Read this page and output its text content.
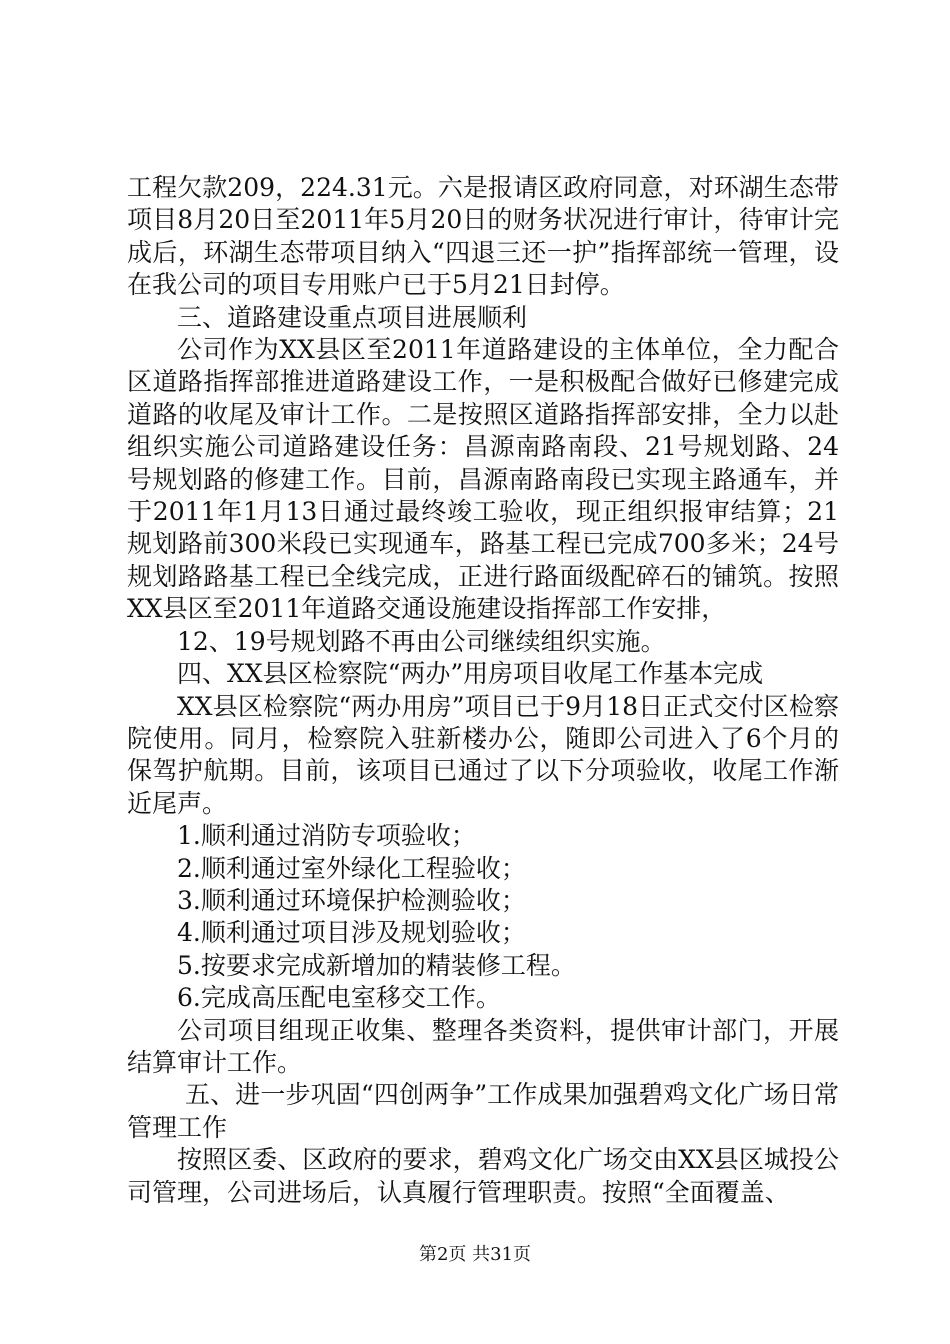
工程欠款209，224.31元。六是报请区政府同意，对环湖生态带项目8月20日至2011年5月20日的财务状况进行审计，待审计完成后，环湖生态带项目纳入“四退三还一护”指挥部统一管理，设在我公司的项目专用账户已于5月21日封停。

三、道路建设重点项目进展顺利

公司作为XX县区至2011年道路建设的主体单位，全力配合区道路指挥部推进道路建设工作，一是积极配合做好已修建完成道路的收尾及审计工作。二是按照区道路指挥部安排，全力以赴组织实施公司道路建设任务：昌源南路南段、21号规划路、24号规划路的修建工作。目前，昌源南路南段已实现主路通车，并于2011年1月13日通过最终竣工验收，现正组织报审结算；21规划路前300米段已实现通车，路基工程已完成700多米；24号规划路路基工程已全线完成，正进行路面级配碎石的铺筑。按照XX县区至2011年道路交通设施建设指挥部工作安排，

12、19号规划路不再由公司继续组织实施。

四、XX县区检察院“两办”用房项目收尾工作基本完成

XX县区检察院“两办用房”项目已于9月18日正式交付区检察院使用。同月，检察院入驻新楼办公，随即公司进入了6个月的保驾护航期。目前，该项目已通过了以下分项验收，收尾工作渐近尾声。

1.顺利通过消防专项验收；

2.顺利通过室外绿化工程验收；

3.顺利通过环境保护检测验收；

4.顺利通过项目涉及规划验收；

5.按要求完成新增加的精装修工程。

6.完成高压配电室移交工作。

公司项目组现正收集、整理各类资料，提供审计部门，开展结算审计工作。

五、进一步巩固“四创两争”工作成果加强碧鸡文化广场日常管理工作

按照区委、区政府的要求，碧鸡文化广场交由XX县区城投公司管理，公司进场后，认真履行管理职责。按照“全面覆盖、

第2页 共31页
